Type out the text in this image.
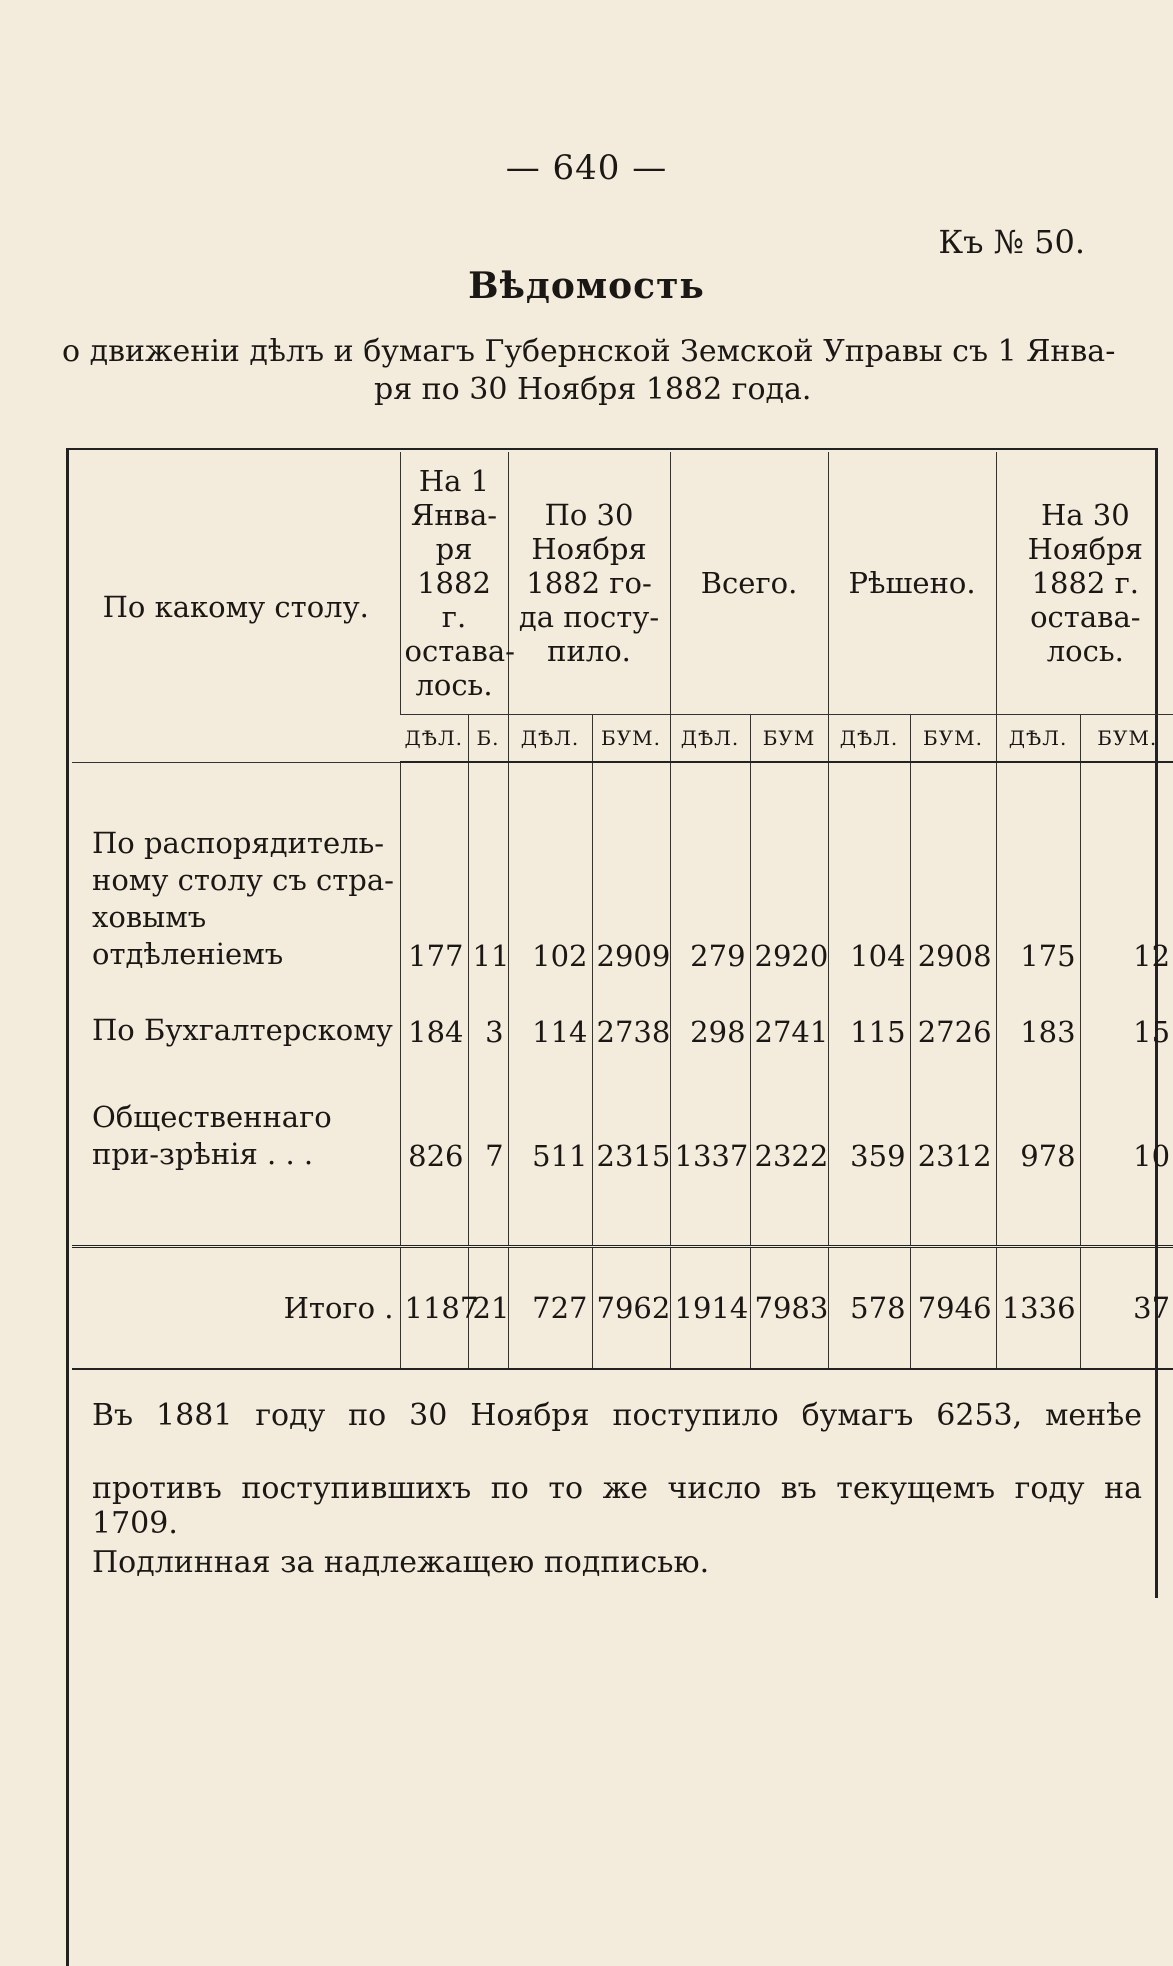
— 640 —
Къ № 50.
Вѣдомость
о движеніи дѣлъ и бумагъ Губернской Земской Управы съ 1 Янва-
ря по 30 Ноября 1882 года.
По какому столу.	На 1 Янва-ря 1882 г. остава-лось.		По 30 Ноября 1882 го-да посту-пило.		Всего.		Рѣшено.		На 30 Ноября 1882 г. остава-лось.	
	ДѢЛ.	Б.	ДѢЛ.	БУМ.	ДѢЛ.	БУМ	ДѢЛ.	БУМ.	ДѢЛ.	БУМ.
По распорядитель-ному столу съ стра-ховымъ отдѣленіемъ	177	11	102	2909	279	2920	104	2908	175	12
По Бухгалтерскому	184	3	114	2738	298	2741	115	2726	183	15
Общественнаго при-зрѣнія . . .	826	7	511	2315	1337	2322	359	2312	978	10

Итого .	1187	21	727	7962	1914	7983	578	7946	1336	37
Въ 1881 году по 30 Ноября поступило бумагъ 6253, менѣе
противъ поступившихъ по то же число въ текущемъ году на 1709.
Подлинная за надлежащею подписью.
